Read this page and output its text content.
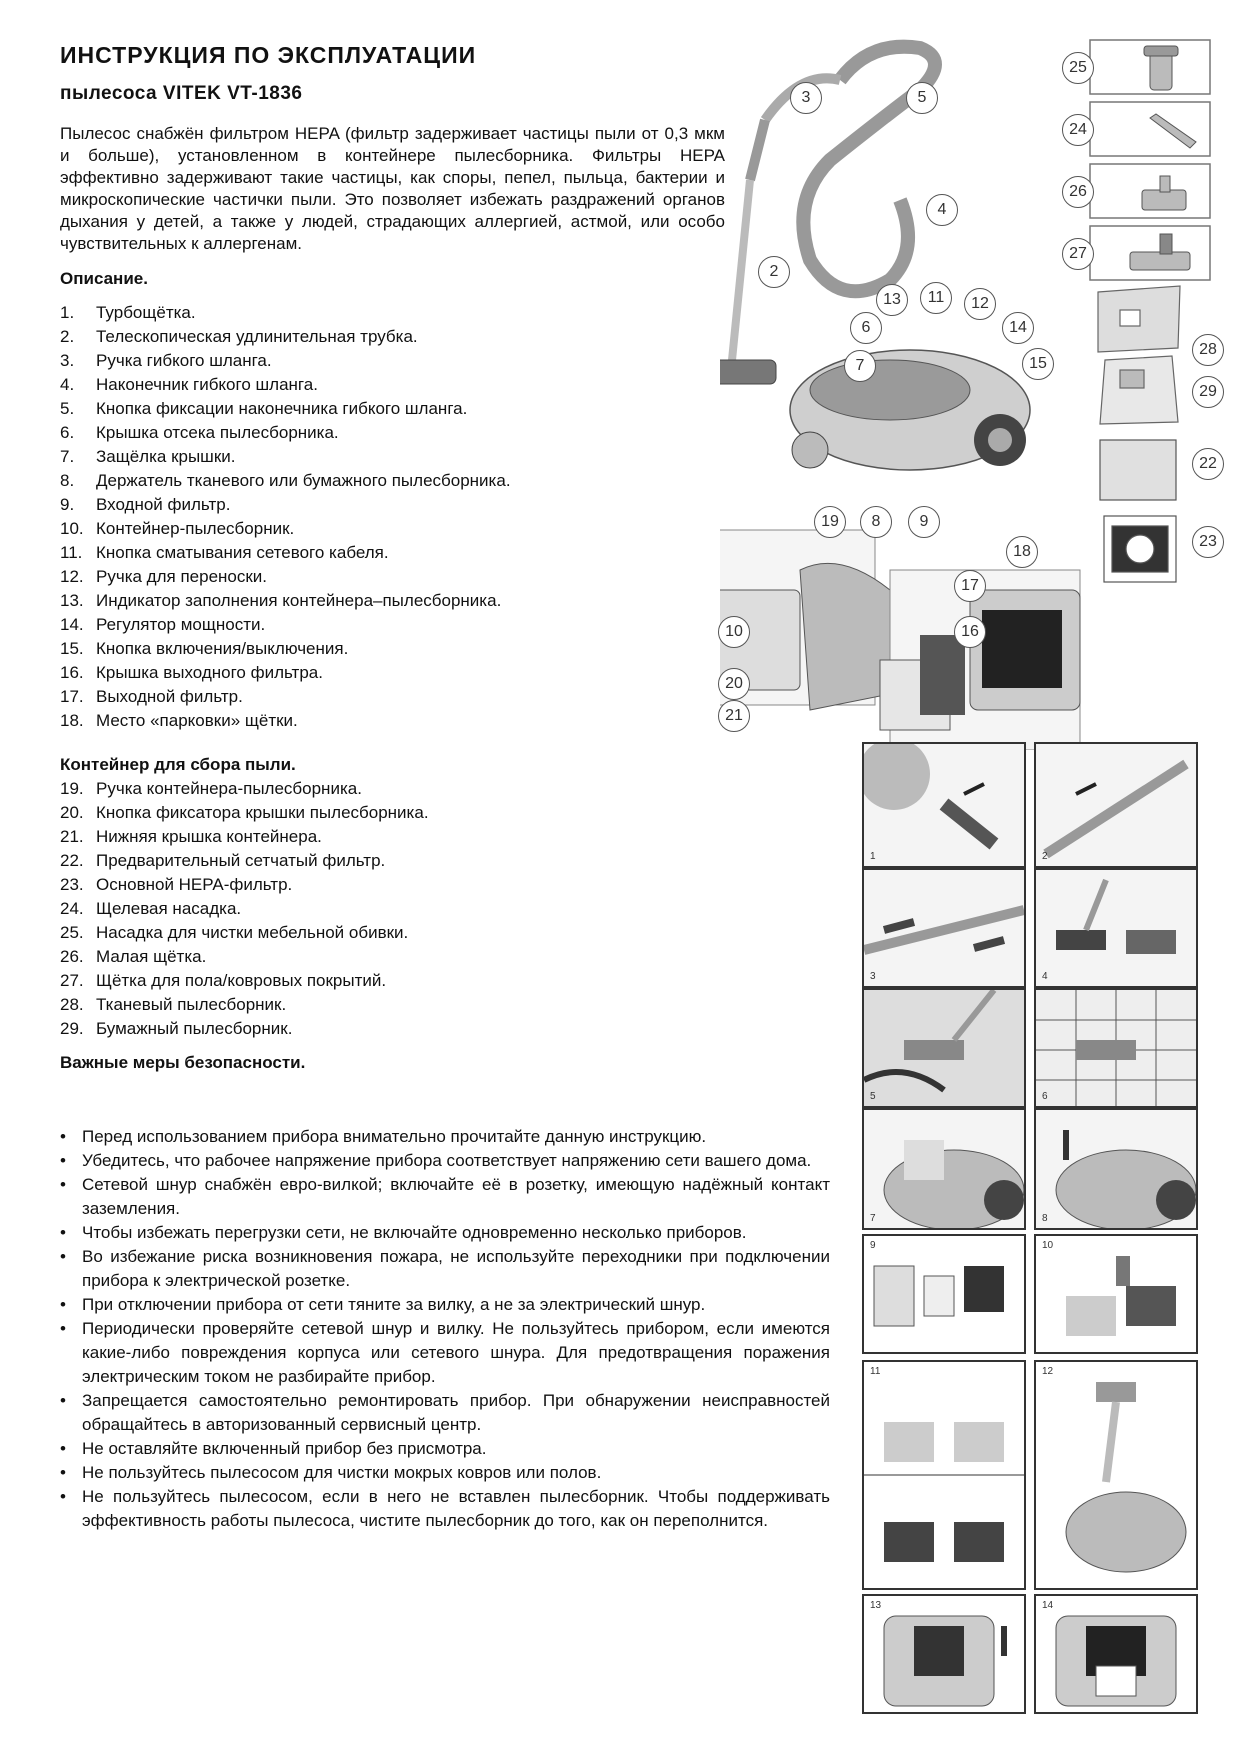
ИНСТРУКЦИЯ ПО ЭКСПЛУАТАЦИИ
пылесоса VITEK VT-1836
Пылесос снабжён фильтром HEPA (фильтр задерживает частицы пыли от 0,3 мкм и больше), установленном в контейнере пылесборника. Фильтры HEPA эффективно задерживают такие частицы, как споры, пепел, пыльца, бактерии и микроскопические частички пыли. Это позволяет избежать раздражений органов дыхания у детей, а также у людей, страдающих аллергией, астмой, или особо чувствительных к аллергенам.
Описание.
1.	Турбощётка.
2.	Телескопическая удлинительная трубка.
3.	Ручка гибкого шланга.
4.	Наконечник гибкого шланга.
5.	Кнопка фиксации наконечника гибкого шланга.
6.	Крышка отсека пылесборника.
7.	Защёлка крышки.
8.	Держатель тканевого или бумажного пылесборника.
9.	Входной фильтр.
10. Контейнер-пылесборник.
11. Кнопка сматывания сетевого кабеля.
12. Ручка для переноски.
13. Индикатор заполнения контейнера–пылесборника.
14. Регулятор мощности.
15. Кнопка включения/выключения.
16. Крышка выходного фильтра.
17. Выходной фильтр.
18. Место «парковки» щётки.
Контейнер для сбора пыли.
19. Ручка контейнера-пылесборника.
20. Кнопка фиксатора крышки пылесборника.
21. Нижняя крышка контейнера.
22. Предварительный сетчатый фильтр.
23. Основной HEPA-фильтр.
24. Щелевая насадка.
25. Насадка для чистки мебельной обивки.
26. Малая щётка.
27. Щётка для пола/ковровых покрытий.
28. Тканевый пылесборник.
29. Бумажный пылесборник.
Важные меры безопасности.
• Перед использованием прибора внимательно прочитайте данную инструкцию.
• Убедитесь, что рабочее напряжение прибора соответствует напряжению сети вашего дома.
• Сетевой шнур снабжён евро-вилкой; включайте её в розетку, имеющую надёжный контакт заземления.
• Чтобы избежать перегрузки сети, не включайте одновременно несколько приборов.
• Во избежание риска возникновения пожара, не используйте переходники при подключении прибора к электрической розетке.
• При отключении прибора от сети тяните за вилку, а не за электрический шнур.
• Периодически проверяйте сетевой шнур и вилку. Не пользуйтесь прибором, если имеются какие-либо повреждения корпуса или сетевого шнура. Для предотвращения поражения электрическим током не разбирайте прибор.
• Запрещается самостоятельно ремонтировать прибор. При обнаружении неисправностей обращайтесь в авторизованный сервисный центр.
• Не оставляйте включенный прибор без присмотра.
• Не пользуйтесь пылесосом для чистки мокрых ковров или полов.
• Не пользуйтесь пылесосом, если в него не вставлен пылесборник. Чтобы поддерживать эффективность работы пылесоса, чистите пылесборник до того, как он переполнится.
25
24
26
27
28
29
22
23
3	5
4
2
13	11	12
6	14
7	15
19	8	9
18
17
16
10
20
21
1	2
3	4
5	6
7	8
9	10
11	12
13	14
